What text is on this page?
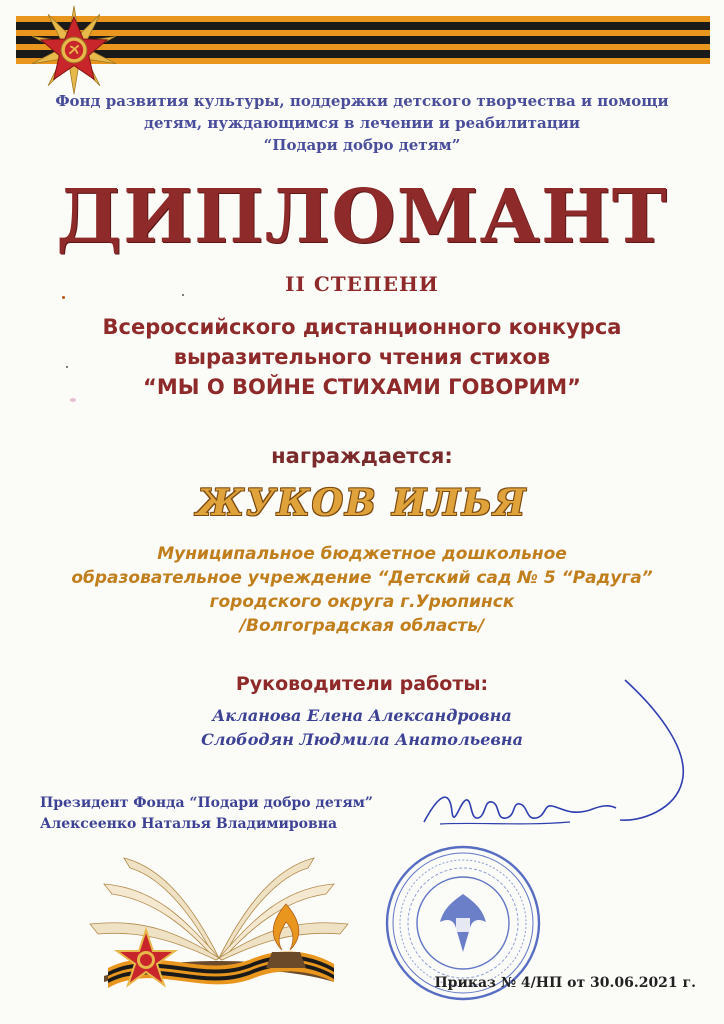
Фонд развития культуры, поддержки детского творчества и помощи
детям, нуждающимся в лечении и реабилитации
“Подари добро детям”
ДИПЛОМАНТ
II СТЕПЕНИ
Всероссийского дистанционного конкурса
выразительного чтения стихов
“МЫ О ВОЙНЕ СТИХАМИ ГОВОРИМ”
награждается:
ЖУКОВ ИЛЬЯ
Муниципальное бюджетное дошкольное
образовательное учреждение “Детский сад № 5 “Радуга”
городского округа г.Урюпинск
/Волгоградская область/
Руководители работы:
Акланова Елена Александровна
Слободян Людмила Анатольевна
Президент Фонда “Подари добро детям”
Алексеенко Наталья Владимировна
Приказ № 4/НП от 30.06.2021 г.
